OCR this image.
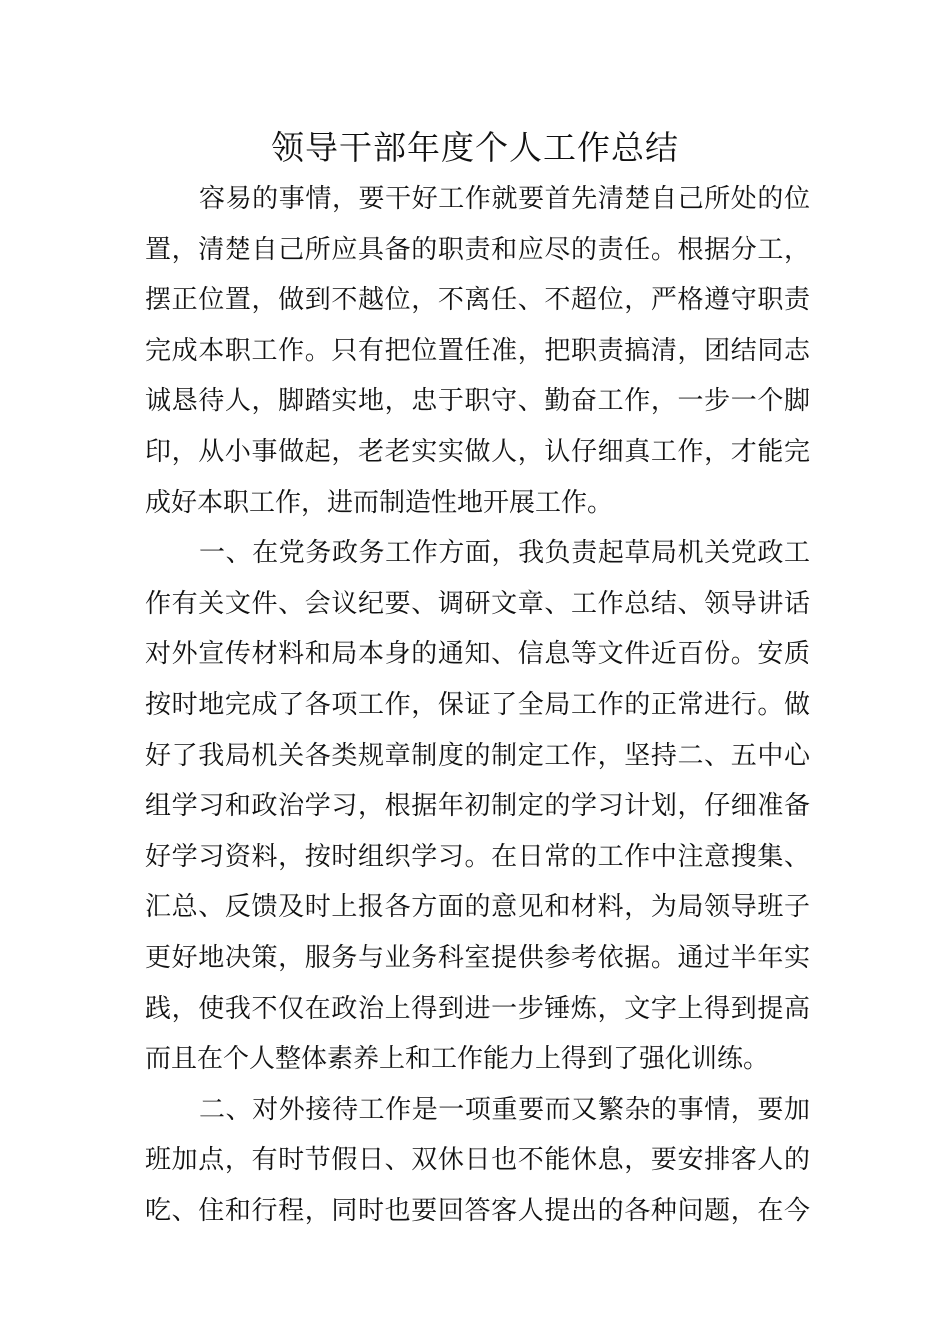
领导干部年度个人工作总结
容易的事情，要干好工作就要首先清楚自己所处的位
置，清楚自己所应具备的职责和应尽的责任。根据分工，
摆正位置，做到不越位，不离任、不超位，严格遵守职责
完成本职工作。只有把位置任准，把职责搞清，团结同志
诚恳待人，脚踏实地，忠于职守、勤奋工作，一步一个脚
印，从小事做起，老老实实做人，认仔细真工作，才能完
成好本职工作，进而制造性地开展工作。
一、在党务政务工作方面，我负责起草局机关党政工
作有关文件、会议纪要、调研文章、工作总结、领导讲话
对外宣传材料和局本身的通知、信息等文件近百份。安质
按时地完成了各项工作，保证了全局工作的正常进行。做
好了我局机关各类规章制度的制定工作，坚持二、五中心
组学习和政治学习，根据年初制定的学习计划，仔细准备
好学习资料，按时组织学习。在日常的工作中注意搜集、
汇总、反馈及时上报各方面的意见和材料，为局领导班子
更好地决策，服务与业务科室提供参考依据。通过半年实
践，使我不仅在政治上得到进一步锤炼，文字上得到提高
而且在个人整体素养上和工作能力上得到了强化训练。
二、对外接待工作是一项重要而又繁杂的事情，要加
班加点，有时节假日、双休日也不能休息，要安排客人的
吃、住和行程，同时也要回答客人提出的各种问题，在今
